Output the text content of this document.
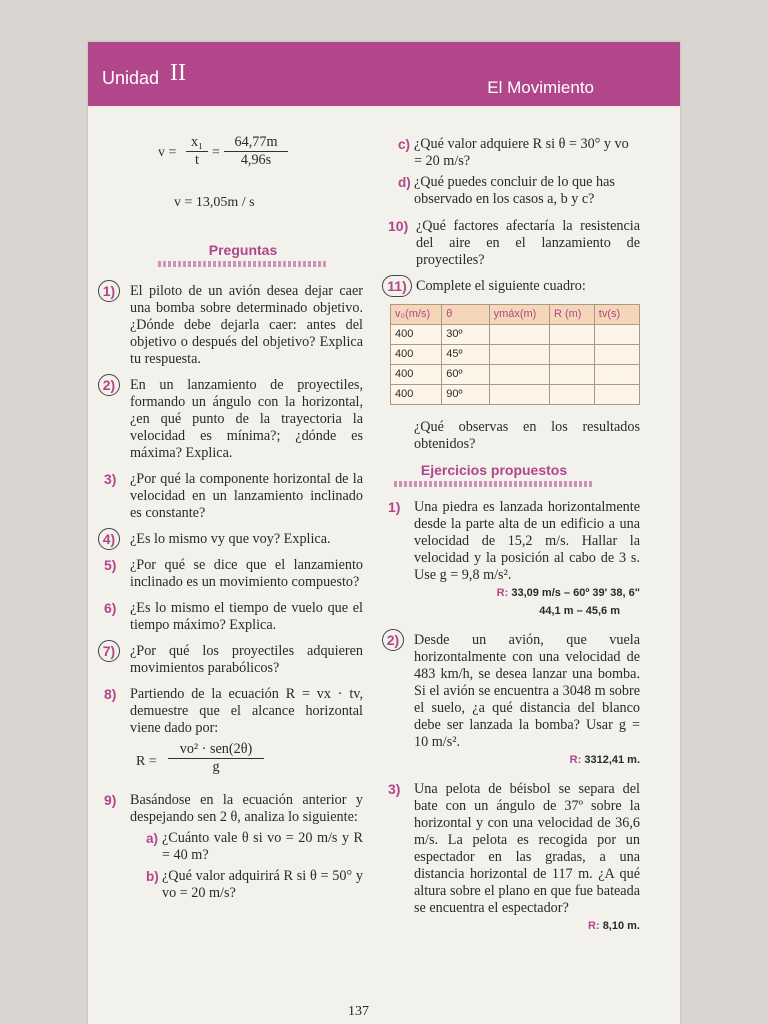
Unidad II
El Movimiento
$v = \frac{\text{x₁}}{t} = \frac{64,77m}{4,96s}$
v = 13,05m / s
Preguntas
1)	El piloto de un avión desea dejar caer una bomba sobre determinado objetivo. ¿Dónde debe dejarla caer: antes del objetivo o después del objetivo? Explica tu respuesta.
2)	En un lanzamiento de proyectiles, formando un ángulo con la horizontal, ¿en qué punto de la trayectoria la velocidad es mínima?; ¿dónde es máxima? Explica.
3) ¿Por qué la componente horizontal de la velocidad en un lanzamiento inclinado es constante?
4)	¿Es lo mismo vy que voy? Explica.
5) ¿Por qué se dice que el lanzamiento inclinado es un movimiento compuesto?
6) ¿Es lo mismo el tiempo de vuelo que el tiempo máximo? Explica.
7)	¿Por qué los proyectiles adquieren movimientos parabólicos?
8) Partiendo de la ecuación R = vx · tv, demuestre que el alcance horizontal viene dado por:
R =
vo² · sen(2θ)
g
9) Basándose en la ecuación anterior y despejando sen 2 θ, analiza lo siguiente:
a) ¿Cuánto vale θ si vo = 20 m/s y R = 40 m?
b) ¿Qué valor adquirirá R si θ = 50° y vo = 20 m/s?
c) ¿Qué valor adquiere R si θ = 30° y vo = 20 m/s?
d) ¿Qué puedes concluir de lo que has observado en los casos a, b y c?
10) ¿Qué factores afectaría la resistencia del aire en el lanzamiento de proyectiles?
11) Complete el siguiente cuadro:
v₀(m/s)	θ	ymáx(m)	R (m)	tv(s)
400	30º			
400	45º			
400	60º			
400	90º			
¿Qué observas en los resultados obtenidos?
Ejercicios propuestos
1) Una piedra es lanzada horizontalmente desde la parte alta de un edificio a una velocidad de 15,2 m/s. Hallar la velocidad y la posición al cabo de 3 s. Use g = 9,8 m/s².
R: 33,09 m/s – 60º 39' 38, 6"
44,1 m – 45,6 m
2)	Desde un avión, que vuela horizontalmente con una velocidad de 483 km/h, se desea lanzar una bomba. Si el avión se encuentra a 3048 m sobre el suelo, ¿a qué distancia del blanco debe ser lanzada la bomba? Usar g = 10 m/s².
R: 3312,41 m.
3) Una pelota de béisbol se separa del bate con un ángulo de 37º sobre la horizontal y con una velocidad de 36,6 m/s. La pelota es recogida por un espectador en las gradas, a una distancia horizontal de 117 m. ¿A qué altura sobre el plano en que fue bateada se encuentra el espectador?
R: 8,10 m.
137
